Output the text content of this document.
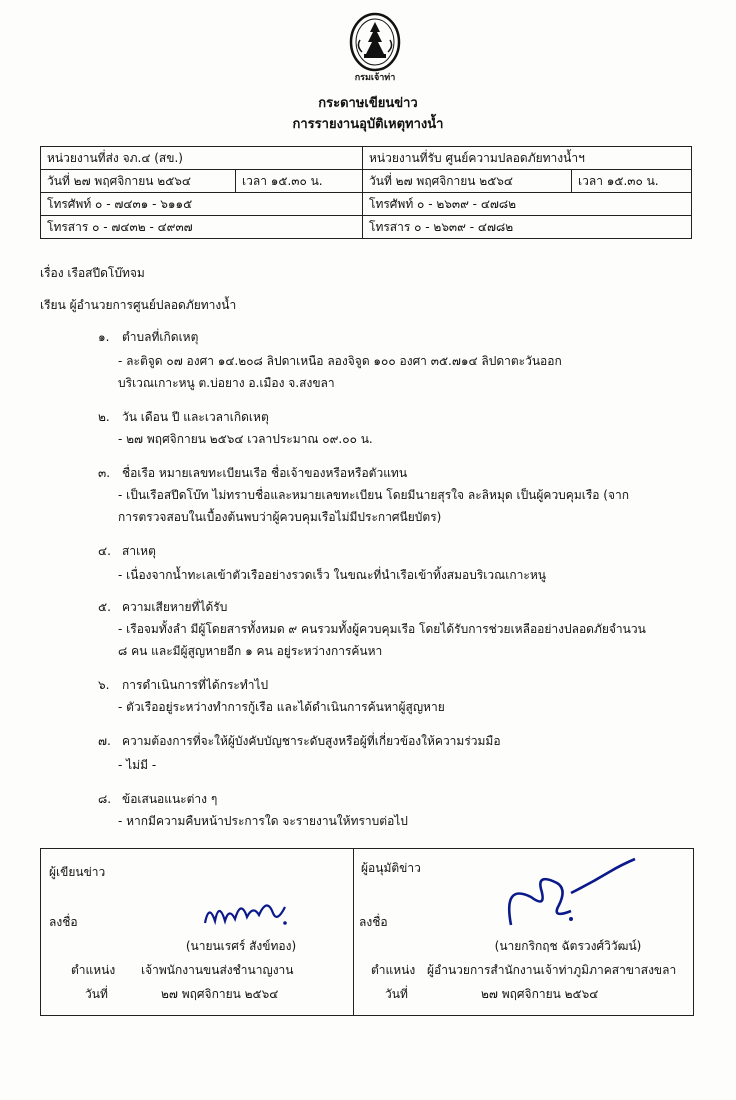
กรมเจ้าท่า
กระดาษเขียนข่าว
การรายงานอุบัติเหตุทางน้ำ
หน่วยงานที่ส่ง จภ.๔ (สข.)		หน่วยงานที่รับ ศูนย์ความปลอดภัยทางน้ำฯ	
วันที่ ๒๗ พฤศจิกายน ๒๕๖๔	เวลา ๑๕.๓๐ น.	วันที่ ๒๗ พฤศจิกายน ๒๕๖๔	เวลา ๑๕.๓๐ น.
โทรศัพท์ ๐ - ๗๔๓๑ - ๖๑๑๕		โทรศัพท์ ๐ - ๒๖๓๙ - ๔๗๘๒	
โทรสาร ๐ - ๗๔๓๒ - ๔๙๓๗		โทรสาร ๐ - ๒๖๓๙ - ๔๗๘๒	
เรื่อง เรือสปีดโบ๊ทจม
เรียน ผู้อำนวยการศูนย์ปลอดภัยทางน้ำ
๑. ตำบลที่เกิดเหตุ
- ละติจูด ๐๗ องศา ๑๔.๒๐๘ ลิปดาเหนือ ลองจิจูด ๑๐๐ องศา ๓๕.๗๑๔ ลิปดาตะวันออก
บริเวณเกาะหนู ต.บ่อยาง อ.เมือง จ.สงขลา
๒. วัน เดือน ปี และเวลาเกิดเหตุ
- ๒๗ พฤศจิกายน ๒๕๖๔ เวลาประมาณ ๐๙.๐๐ น.
๓. ชื่อเรือ หมายเลขทะเบียนเรือ ชื่อเจ้าของหรือหรือตัวแทน
- เป็นเรือสปีดโบ๊ท ไม่ทราบชื่อและหมายเลขทะเบียน โดยมีนายสุรใจ ละลิหมุด เป็นผู้ควบคุมเรือ (จาก
การตรวจสอบในเบื้องต้นพบว่าผู้ควบคุมเรือไม่มีประกาศนียบัตร)
๔. สาเหตุ
- เนื่องจากน้ำทะเลเข้าตัวเรืออย่างรวดเร็ว ในขณะที่นำเรือเข้าทิ้งสมอบริเวณเกาะหนู
๕. ความเสียหายที่ได้รับ
- เรือจมทั้งลำ มีผู้โดยสารทั้งหมด ๙ คนรวมทั้งผู้ควบคุมเรือ โดยได้รับการช่วยเหลืออย่างปลอดภัยจำนวน
๘ คน และมีผู้สูญหายอีก ๑ คน อยู่ระหว่างการค้นหา
๖. การดำเนินการที่ได้กระทำไป
- ตัวเรืออยู่ระหว่างทำการกู้เรือ และได้ดำเนินการค้นหาผู้สูญหาย
๗. ความต้องการที่จะให้ผู้บังคับบัญชาระดับสูงหรือผู้ที่เกี่ยวข้องให้ความร่วมมือ
- ไม่มี -
๘. ข้อเสนอแนะต่าง ๆ
- หากมีความคืบหน้าประการใด จะรายงานให้ทราบต่อไป
ผู้เขียนข่าว
ลงชื่อ
(นายนเรศร์ สังข์ทอง)
ตำแหน่ง เจ้าพนักงานขนส่งชำนาญงาน
วันที่	๒๗ พฤศจิกายน ๒๕๖๔
ผู้อนุมัติข่าว
ลงชื่อ
(นายกริกฤช ฉัตรวงศ์วิวัฒน์)
ตำแหน่ง ผู้อำนวยการสำนักงานเจ้าท่าภูมิภาคสาขาสงขลา
วันที่	๒๗ พฤศจิกายน ๒๕๖๔
